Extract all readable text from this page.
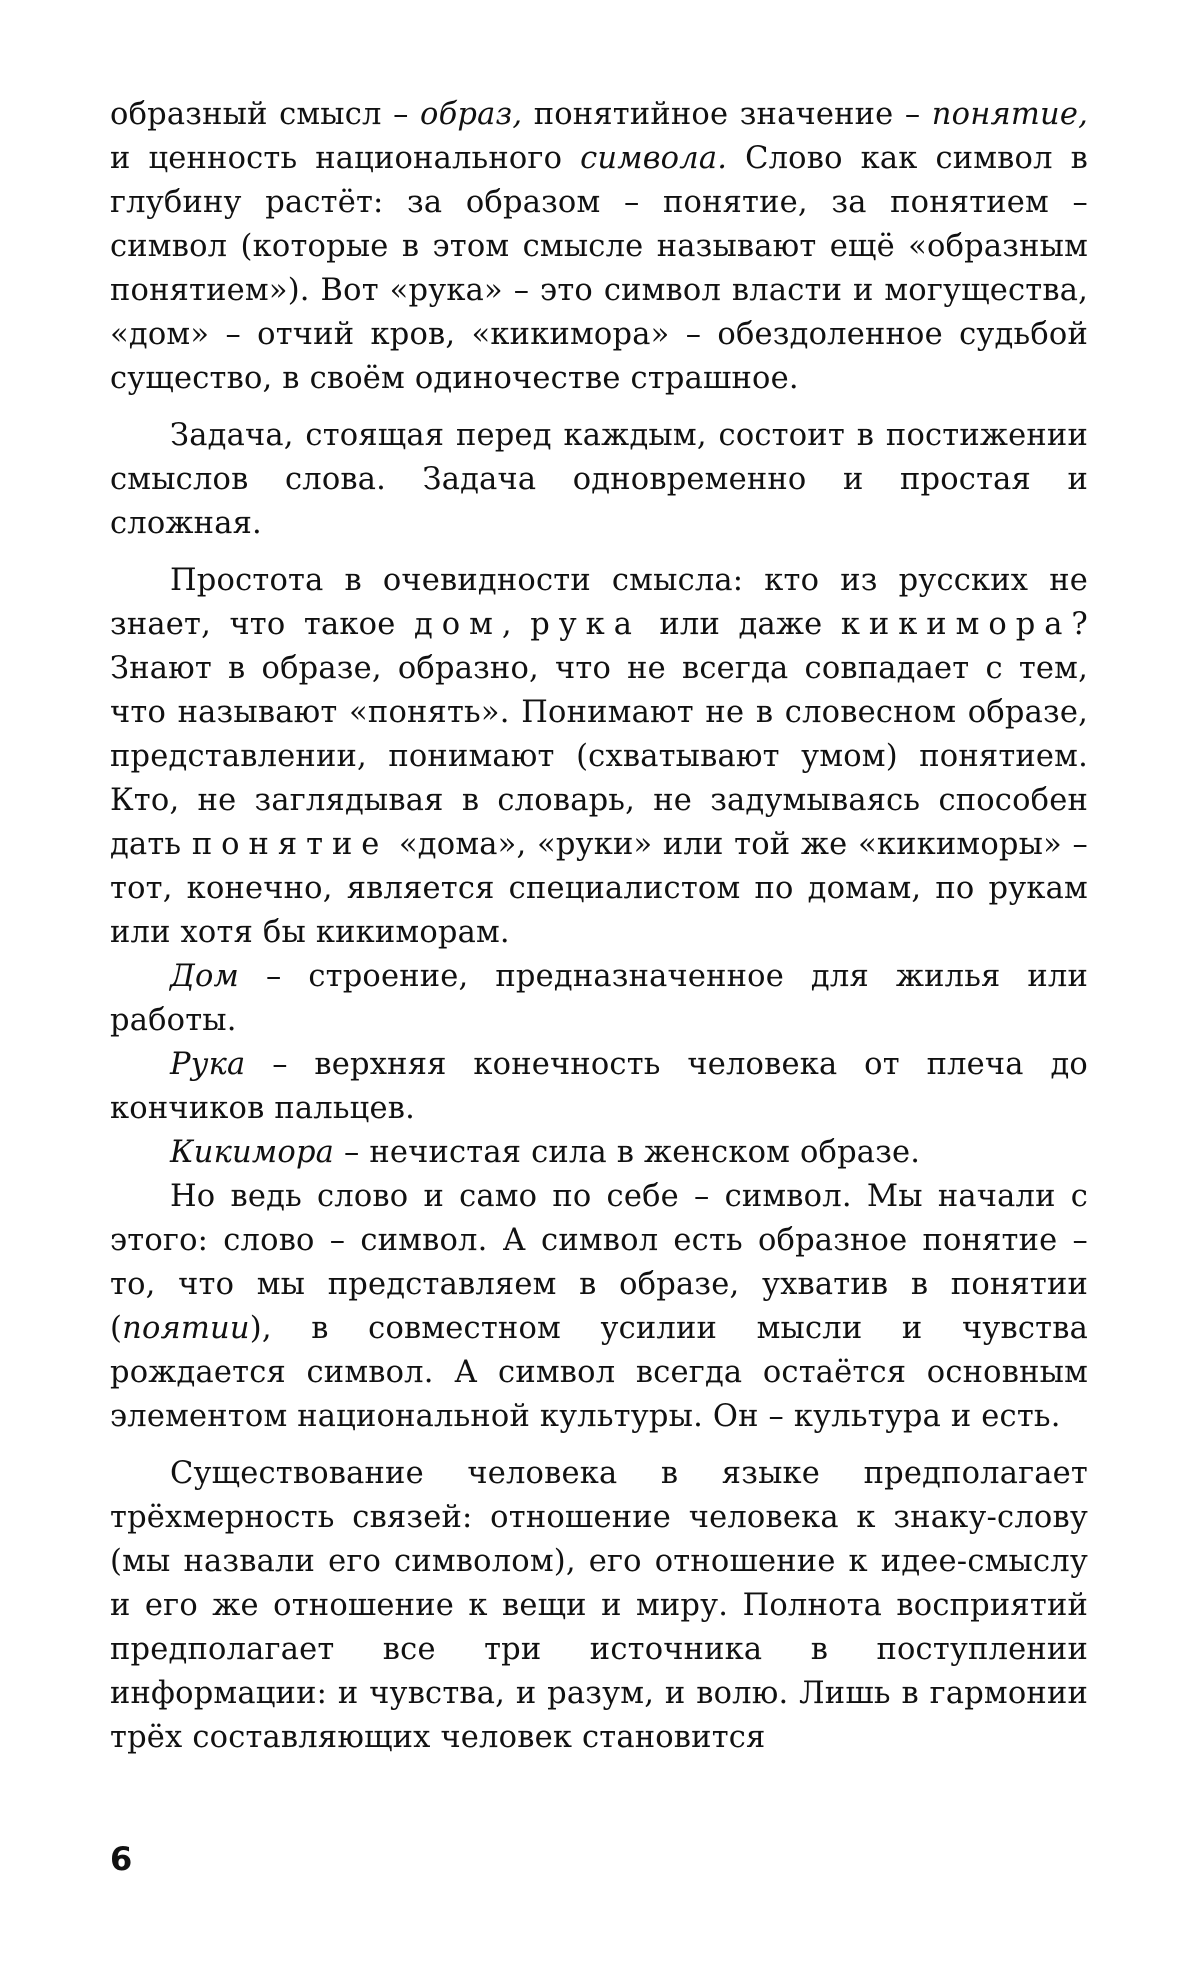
образный смысл – образ, понятийное значение – понятие, и ценность национального символа. Слово как символ в глубину растёт: за образом – понятие, за понятием – символ (которые в этом смысле называют ещё «образным понятием»). Вот «рука» – это символ власти и могущества, «дом» – отчий кров, «кикимора» – обездоленное судьбой существо, в своём одиночестве страшное.

Задача, стоящая перед каждым, состоит в постижении смыслов слова. Задача одновременно и простая и сложная.

Простота в очевидности смысла: кто из русских не знает, что такое дом, рука или даже кикимора? Знают в образе, образно, что не всегда совпадает с тем, что называют «понять». Понимают не в словесном образе, представлении, понимают (схватывают умом) понятием. Кто, не заглядывая в словарь, не задумываясь способен дать понятие «дома», «руки» или той же «кикиморы» – тот, конечно, является специалистом по домам, по рукам или хотя бы кикиморам.

Дом – строение, предназначенное для жилья или работы.

Рука – верхняя конечность человека от плеча до кончиков пальцев.

Кикимора – нечистая сила в женском образе.

Но ведь слово и само по себе – символ. Мы начали с этого: слово – символ. А символ есть образное понятие – то, что мы представляем в образе, ухватив в понятии (поятии), в совместном усилии мысли и чувства рождается символ. А символ всегда остаётся основным элементом национальной культуры. Он – культура и есть.

Существование человека в языке предполагает трёхмерность связей: отношение человека к знаку-слову (мы назвали его символом), его отношение к идее-смыслу и его же отношение к вещи и миру. Полнота восприятий предполагает все три источника в поступлении информации: и чувства, и разум, и волю. Лишь в гармонии трёх составляющих человек становится

6
